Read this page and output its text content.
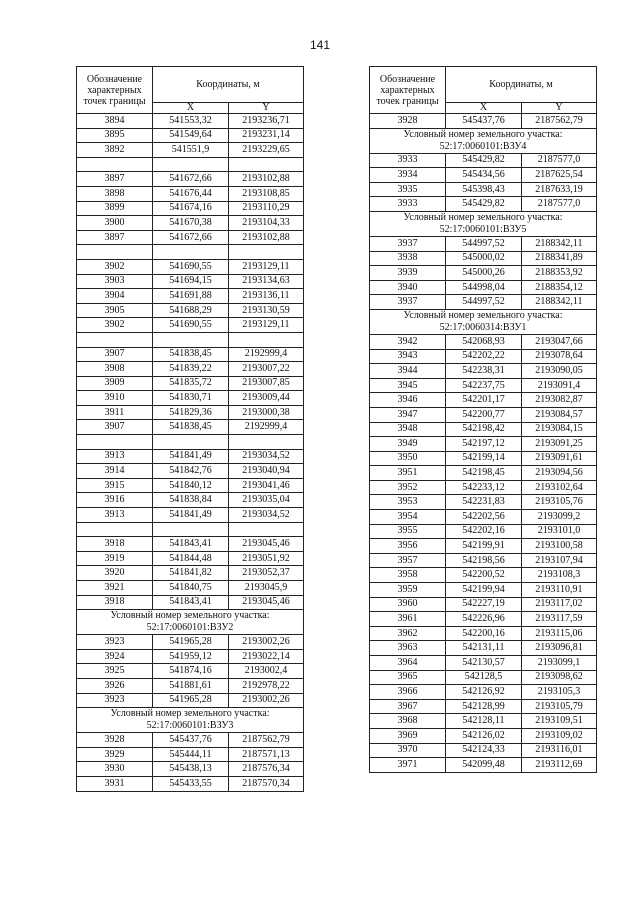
141
Обозначение характерных точек границы	Координаты, м	
	X	Y
3894	541553,32	2193236,71
3895	541549,64	2193231,14
3892	541551,9	2193229,65

3897	541672,66	2193102,88
3898	541676,44	2193108,85
3899	541674,16	2193110,29
3900	541670,38	2193104,33
3897	541672,66	2193102,88

3902	541690,55	2193129,11
3903	541694,15	2193134,63
3904	541691,88	2193136,11
3905	541688,29	2193130,59
3902	541690,55	2193129,11

3907	541838,45	2192999,4
3908	541839,22	2193007,22
3909	541835,72	2193007,85
3910	541830,71	2193009,44
3911	541829,36	2193000,38
3907	541838,45	2192999,4

3913	541841,49	2193034,52
3914	541842,76	2193040,94
3915	541840,12	2193041,46
3916	541838,84	2193035,04
3913	541841,49	2193034,52

3918	541843,41	2193045,46
3919	541844,48	2193051,92
3920	541841,82	2193052,37
3921	541840,75	2193045,9
3918	541843,41	2193045,46
Условный номер земельного участка: 52:17:0060101:ВЗУ2		
3923	541965,28	2193002,26
3924	541959,12	2193022,14
3925	541874,16	2193002,4
3926	541881,61	2192978,22
3923	541965,28	2193002,26
Условный номер земельного участка: 52:17:0060101:ВЗУ3		
3928	545437,76	2187562,79
3929	545444,11	2187571,13
3930	545438,13	2187576,34
3931	545433,55	2187570,34
Обозначение характерных точек границы	Координаты, м	
	X	Y
3928	545437,76	2187562,79
Условный номер земельного участка: 52:17:0060101:ВЗУ4		
3933	545429,82	2187577,0
3934	545434,56	2187625,54
3935	545398,43	2187633,19
3933	545429,82	2187577,0
Условный номер земельного участка: 52:17:0060101:ВЗУ5		
3937	544997,52	2188342,11
3938	545000,02	2188341,89
3939	545000,26	2188353,92
3940	544998,04	2188354,12
3937	544997,52	2188342,11
Условный номер земельного участка: 52:17:0060314:ВЗУ1		
3942	542068,93	2193047,66
3943	542202,22	2193078,64
3944	542238,31	2193090,05
3945	542237,75	2193091,4
3946	542201,17	2193082,87
3947	542200,77	2193084,57
3948	542198,42	2193084,15
3949	542197,12	2193091,25
3950	542199,14	2193091,61
3951	542198,45	2193094,56
3952	542233,12	2193102,64
3953	542231,83	2193105,76
3954	542202,56	2193099,2
3955	542202,16	2193101,0
3956	542199,91	2193100,58
3957	542198,56	2193107,94
3958	542200,52	2193108,3
3959	542199,94	2193110,91
3960	542227,19	2193117,02
3961	542226,96	2193117,59
3962	542200,16	2193115,06
3963	542131,11	2193096,81
3964	542130,57	2193099,1
3965	542128,5	2193098,62
3966	542126,92	2193105,3
3967	542128,99	2193105,79
3968	542128,11	2193109,51
3969	542126,02	2193109,02
3970	542124,33	2193116,01
3971	542099,48	2193112,69
